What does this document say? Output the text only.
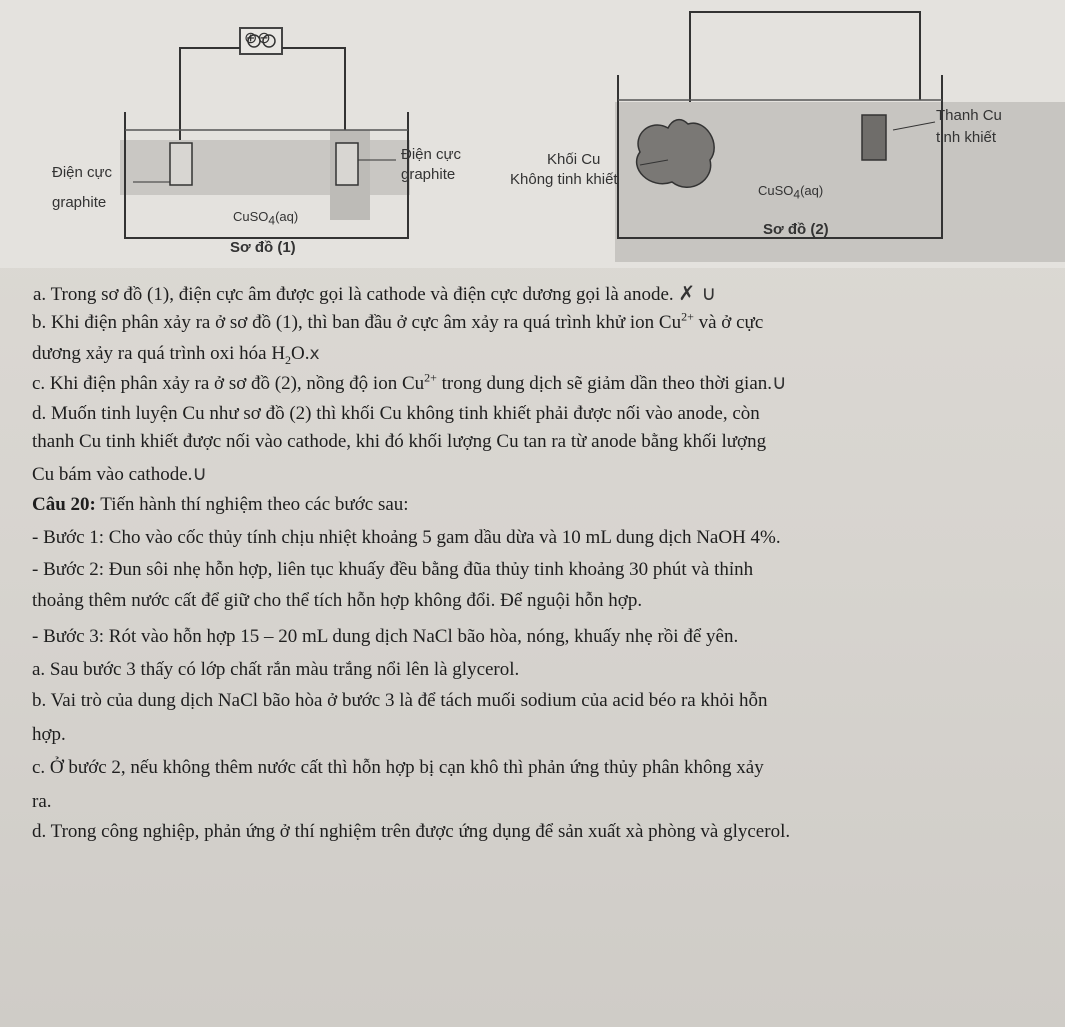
⊕⊖
Điện cực
graphite
Điện cực
graphite
CuSO$_4$(aq)
Sơ đồ (1)
Thanh Cu
tinh khiết
Khối Cu
Không tinh khiết
CuSO$_4$(aq)
Sơ đồ (2)
a. Trong sơ đồ (1), điện cực âm được gọi là cathode và điện cực dương gọi là anode. ✗ ∪
b. Khi điện phân xảy ra ở sơ đồ (1), thì ban đầu ở cực âm xảy ra quá trình khử ion $Cu^{2+}$ và ở cực
dương xảy ra quá trình oxi hóa $H_2O.x$
c. Khi điện phân xảy ra ở sơ đồ (2), nồng độ ion $Cu^{2+}$ trong dung dịch sẽ giảm dần theo thời gian.∪
d. Muốn tinh luyện Cu như sơ đồ (2) thì khối Cu không tinh khiết phải được nối vào anode, còn
thanh Cu tinh khiết được nối vào cathode, khi đó khối lượng Cu tan ra từ anode bằng khối lượng
Cu bám vào cathode.∪
Câu 20: Tiến hành thí nghiệm theo các bước sau:
- Bước 1: Cho vào cốc thủy tính chịu nhiệt khoảng 5 gam dầu dừa và 10 mL dung dịch NaOH 4%.
- Bước 2: Đun sôi nhẹ hỗn hợp, liên tục khuấy đều bằng đũa thủy tinh khoảng 30 phút và thỉnh
thoảng thêm nước cất để giữ cho thể tích hỗn hợp không đổi. Để nguội hỗn hợp.
- Bước 3: Rót vào hỗn hợp 15 – 20 mL dung dịch NaCl bão hòa, nóng, khuấy nhẹ rồi để yên.
a. Sau bước 3 thấy có lớp chất rắn màu trắng nổi lên là glycerol.
b. Vai trò của dung dịch NaCl bão hòa ở bước 3 là để tách muối sodium của acid béo ra khỏi hỗn
hợp.
c. Ở bước 2, nếu không thêm nước cất thì hỗn hợp bị cạn khô thì phản ứng thủy phân không xảy
ra.
d. Trong công nghiệp, phản ứng ở thí nghiệm trên được ứng dụng để sản xuất xà phòng và glycerol.
